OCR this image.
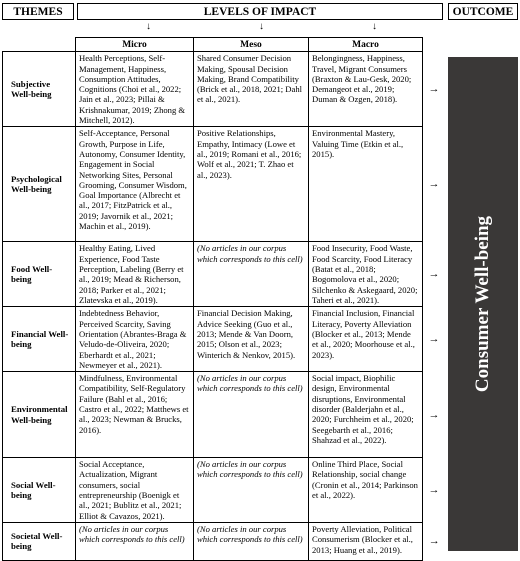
THEMES	LEVELS OF IMPACT	OUTCOME
↓	↓	↓
	Micro	Meso	Macro	
Subjective Well-being	Health Perceptions, Self-Management, Happiness, Consumption Attitudes, Cognitions (Choi et al., 2022; Jain et al., 2023; Pillai & Krishnakumar, 2019; Zhong & Mitchell, 2012).	Shared Consumer Decision Making, Spousal Decision Making, Brand Compatibility (Brick et al., 2018, 2021; Dahl et al., 2021).	Belongingness, Happiness, Travel, Migrant Consumers (Braxton & Lau-Gesk, 2020; Demangeot et al., 2019; Duman & Ozgen, 2018).	→
Psychological Well-being	Self-Acceptance, Personal Growth, Purpose in Life, Autonomy, Consumer Identity, Engagement in Social Networking Sites, Personal Grooming, Consumer Wisdom, Goal Importance (Albrecht et al., 2017; FitzPatrick et al., 2019; Javornik et al., 2021; Machin et al., 2019).	Positive Relationships, Empathy, Intimacy (Lowe et al., 2019; Romani et al., 2016; Wolf et al., 2021; T. Zhao et al., 2023).	Environmental Mastery, Valuing Time (Etkin et al., 2015).	→
Food Well-being	Healthy Eating, Lived Experience, Food Taste Perception, Labeling (Berry et al., 2019; Mead & Richerson, 2018; Parker et al., 2021; Zlatevska et al., 2019).	(No articles in our corpus which corresponds to this cell)	Food Insecurity, Food Waste, Food Scarcity, Food Literacy (Batat et al., 2018; Bogomolova et al., 2020; Silchenko & Askegaard, 2020; Taheri et al., 2021).	→
Financial Well-being	Indebtedness Behavior, Perceived Scarcity, Saving Orientation (Abrantes-Braga & Veludo-de-Oliveira, 2020; Eberhardt et al., 2021; Newmeyer et al., 2021).	Financial Decision Making, Advice Seeking (Guo et al., 2013; Mende & Van Doorn, 2015; Olson et al., 2023; Winterich & Nenkov, 2015).	Financial Inclusion, Financial Literacy, Poverty Alleviation (Blocker et al., 2013; Mende et al., 2020; Moorhouse et al., 2023).	→
Environmental Well-being	Mindfulness, Environmental Compatibility, Self-Regulatory Failure (Bahl et al., 2016; Castro et al., 2022; Matthews et al., 2023; Newman & Brucks, 2016).	(No articles in our corpus which corresponds to this cell)	Social impact, Biophilic design, Environmental disruptions, Environmental disorder (Balderjahn et al., 2020; Furchheim et al., 2020; Seegebarth et al., 2016; Shahzad et al., 2022).	→
Social Well-being	Social Acceptance, Actualization, Migrant consumers, social entrepreneurship (Boenigk et al., 2021; Bublitz et al., 2021; Elliot & Cavazos, 2021).	(No articles in our corpus which corresponds to this cell)	Online Third Place, Social Relationship, social change (Cronin et al., 2014; Parkinson et al., 2022).	→
Societal Well-being	(No articles in our corpus which corresponds to this cell)	(No articles in our corpus which corresponds to this cell)	Poverty Alleviation, Political Consumerism (Blocker et al., 2013; Huang et al., 2019).	→
Consumer Well-being
